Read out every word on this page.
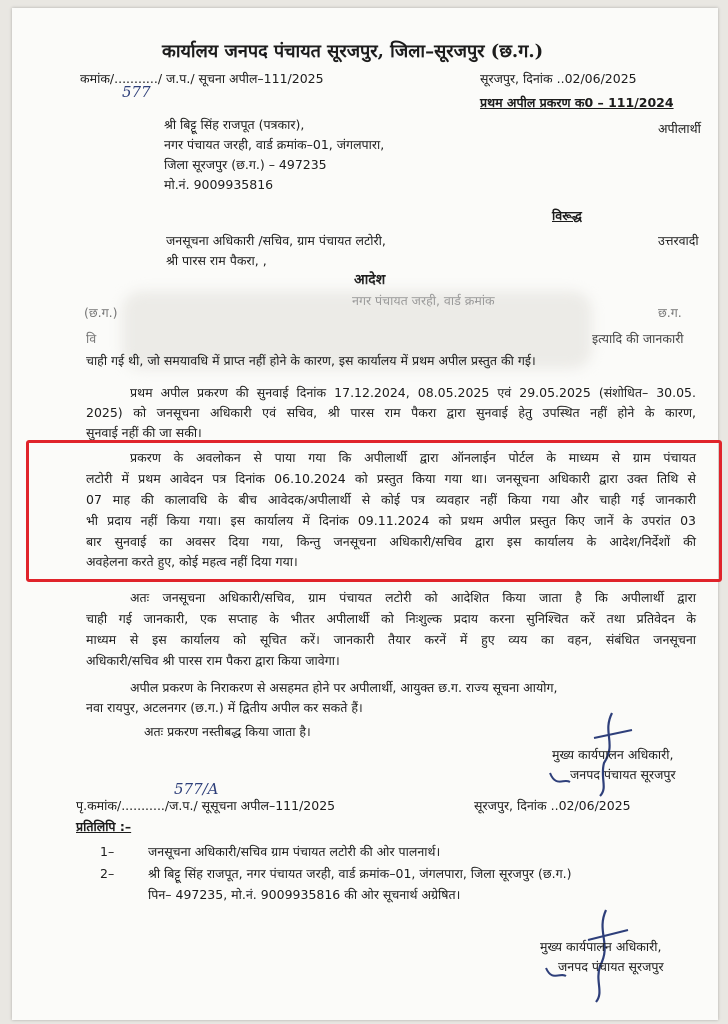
कार्यालय जनपद पंचायत सूरजपुर, जिला–सूरजपुर (छ.ग.)
कमांक/.........../ ज.प./ सूचना अपील–111/2025
577
सूरजपुर, दिनांक ..02/06/2025
प्रथम अपील प्रकरण क0 – 111/2024
अपीलार्थी
श्री बिट्टू सिंह राजपूत (पत्रकार),
नगर पंचायत जरही, वार्ड क्रमांक–01, जंगलपारा,
जिला सूरजपुर (छ.ग.) – 497235
मो.नं. 9009935816
विरूद्ध
जनसूचना अधिकारी /सचिव, ग्राम पंचायत लटोरी,	उत्तरवादी
श्री पारस राम पैकरा, ,
आदेश
(छ.ग.)
नगर पंचायत जरही, वार्ड क्रमांक
छ.ग.
वि	इत्यादि की जानकारी
चाही गई थी, जो समयावधि में प्राप्त नहीं होने के कारण, इस कार्यालय में प्रथम अपील प्रस्तुत की गई।
प्रथम अपील प्रकरण की सुनवाई दिनांक 17.12.2024, 08.05.2025 एवं 29.05.2025 (संशोधित– 30.05.
2025) को जनसूचना अधिकारी एवं सचिव, श्री पारस राम पैकरा द्वारा सुनवाई हेतु उपस्थित नहीं होने के कारण,
सुनवाई नहीं की जा सकी।
प्रकरण के अवलोकन से पाया गया कि अपीलार्थी द्वारा ऑनलाईन पोर्टल के माध्यम से ग्राम पंचायत
लटोरी में प्रथम आवेदन पत्र दिनांक 06.10.2024 को प्रस्तुत किया गया था। जनसूचना अधिकारी द्वारा उक्त तिथि से
07 माह की कालावधि के बीच आवेदक/अपीलार्थी से कोई पत्र व्यवहार नहीं किया गया और चाही गई जानकारी
भी प्रदाय नहीं किया गया। इस कार्यालय में दिनांक 09.11.2024 को प्रथम अपील प्रस्तुत किए जानें के उपरांत 03
बार सुनवाई का अवसर दिया गया, किन्तु जनसूचना अधिकारी/सचिव द्वारा इस कार्यालय के आदेश/निर्देशों की
अवहेलना करते हुए, कोई महत्व नहीं दिया गया।
अतः जनसूचना अधिकारी/सचिव, ग्राम पंचायत लटोरी को आदेशित किया जाता है कि अपीलार्थी द्वारा
चाही गई जानकारी, एक सप्ताह के भीतर अपीलार्थी को निःशुल्क प्रदाय करना सुनिश्चित करें तथा प्रतिवेदन के
माध्यम से इस कार्यालय को सूचित करें। जानकारी तैयार करनें में हुए व्यय का वहन, संबंधित जनसूचना
अधिकारी/सचिव श्री पारस राम पैकरा द्वारा किया जावेगा।
अपील प्रकरण के निराकरण से असहमत होने पर अपीलार्थी, आयुक्त छ.ग. राज्य सूचना आयोग,
नवा रायपुर, अटलनगर (छ.ग.) में द्वितीय अपील कर सकते हैं।
अतः प्रकरण नस्तीबद्ध किया जाता है।
मुख्य कार्यपालन अधिकारी,
जनपद पंचायत सूरजपुर
पृ.कमांक/.........../ज.प./ सूसूचना अपील–111/2025
577/A
सूरजपुर, दिनांक ..02/06/2025
प्रतिलिपि :–
1–	जनसूचना अधिकारी/सचिव ग्राम पंचायत लटोरी की ओर पालनार्थ।
2–	श्री बिट्टू सिंह राजपूत, नगर पंचायत जरही, वार्ड क्रमांक–01, जंगलपारा, जिला सूरजपुर (छ.ग.)
पिन– 497235, मो.नं. 9009935816 की ओर सूचनार्थ अग्रेषित।
मुख्य कार्यपालन अधिकारी,
जनपद पंचायत सूरजपुर
